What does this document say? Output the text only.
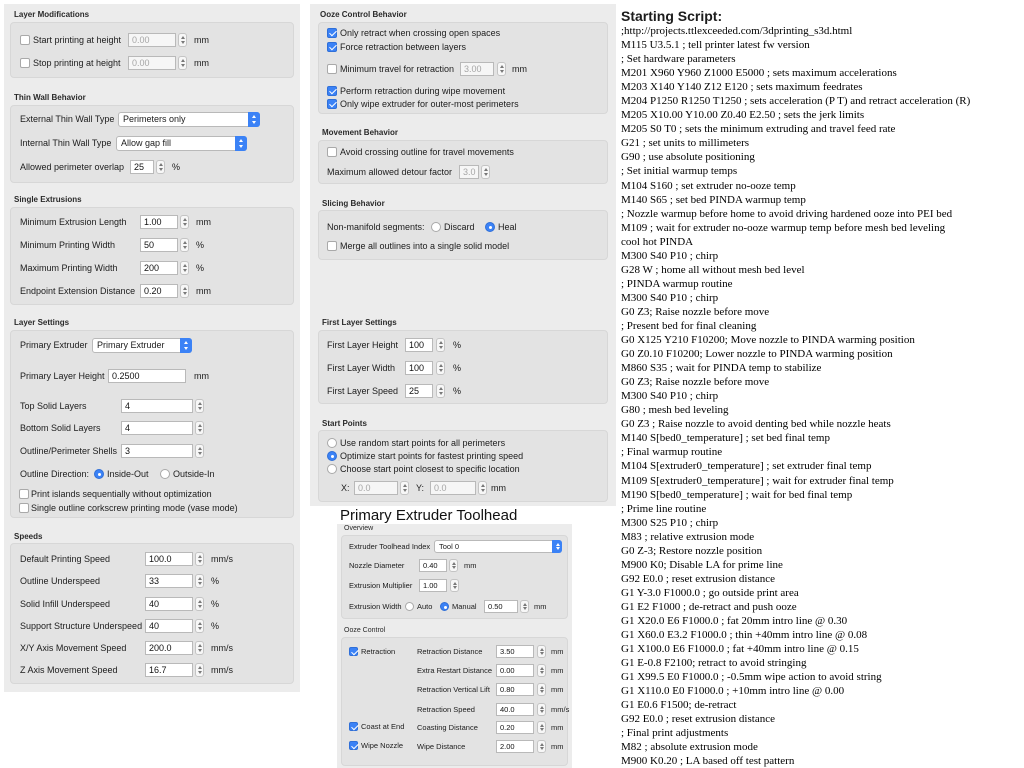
Layer Modifications
Start printing at height	0.00	mm
Stop printing at height	0.00	mm
Thin Wall Behavior
External Thin Wall Type Perimeters only
Internal Thin Wall Type	Allow gap fill
Allowed perimeter overlap	25	%
Single Extrusions
Minimum Extrusion Length	1.00	mm
Minimum Printing Width	50	%
Maximum Printing Width	200	%
Endpoint Extension Distance 0.20	mm
Layer Settings
Primary Extruder	Primary Extruder
Primary Layer Height 0.2500	mm
Top Solid Layers	4
Bottom Solid Layers	4
Outline/Perimeter Shells 3
Outline Direction: Inside-Out	Outside-In
Print islands sequentially without optimization
Single outline corkscrew printing mode (vase mode)
Speeds
Default Printing Speed	100.0	mm/s
Outline Underspeed	33	%
Solid Infill Underspeed	40	%
Support Structure Underspeed 40	%
X/Y Axis Movement Speed	200.0	mm/s
Z Axis Movement Speed	16.7	mm/s
Ooze Control Behavior
Only retract when crossing open spaces
Force retraction between layers
Minimum travel for retraction	3.00	mm
Perform retraction during wipe movement
Only wipe extruder for outer-most perimeters
Movement Behavior
Avoid crossing outline for travel movements
Maximum allowed detour factor	3.0
Slicing Behavior
Non-manifold segments: Discard	Heal
Merge all outlines into a single solid model
First Layer Settings
First Layer Height	100	%
First Layer Width	100	%
First Layer Speed	25	%
Start Points
Use random start points for all perimeters
Optimize start points for fastest printing speed
Choose start point closest to specific location
X: 0.0	Y:	0.0	mm
Primary Extruder Toolhead
Overview
Extruder Toolhead Index	Tool 0
Nozzle Diameter	0.40	mm
Extrusion Multiplier	1.00
Extrusion Width Auto	Manual	0.50	mm
Ooze Control
Retraction
Coast at End
Wipe Nozzle
Retraction Distance	3.50	mm
Extra Restart Distance	0.00	mm
Retraction Vertical Lift	0.80	mm
Retraction Speed	40.0	mm/s
Coasting Distance	0.20	mm
Wipe Distance	2.00	mm
Starting Script:
;http://projects.ttlexceeded.com/3dprinting_s3d.html
M115 U3.5.1 ; tell printer latest fw version
; Set hardware parameters
M201 X960 Y960 Z1000 E5000 ; sets maximum accelerations
M203 X140 Y140 Z12 E120 ; sets maximum feedrates
M204 P1250 R1250 T1250 ; sets acceleration (P T) and retract acceleration (R)
M205 X10.00 Y10.00 Z0.40 E2.50 ; sets the jerk limits
M205 S0 T0 ; sets the minimum extruding and travel feed rate
G21 ; set units to millimeters
G90 ; use absolute positioning
; Set initial warmup temps
M104 S160 ; set extruder no-ooze temp
M140 S65 ; set bed PINDA warmup temp
; Nozzle warmup before home to avoid driving hardened ooze into PEI bed
M109 ; wait for extruder no-ooze warmup temp before mesh bed leveling
cool hot PINDA
M300 S40 P10 ; chirp
G28 W ; home all without mesh bed level
; PINDA warmup routine
M300 S40 P10 ; chirp
G0 Z3; Raise nozzle before move
; Present bed for final cleaning
G0 X125 Y210 F10200; Move nozzle to PINDA warming position
G0 Z0.10 F10200; Lower nozzle to PINDA warming position
M860 S35 ; wait for PINDA temp to stabilize
G0 Z3; Raise nozzle before move
M300 S40 P10 ; chirp
G80 ; mesh bed leveling
G0 Z3 ; Raise nozzle to avoid denting bed while nozzle heats
M140 S[bed0_temperature] ; set bed final temp
; Final warmup routine
M104 S[extruder0_temperature] ; set extruder final temp
M109 S[extruder0_temperature] ; wait for extruder final temp
M190 S[bed0_temperature] ; wait for bed final temp
; Prime line routine
M300 S25 P10 ; chirp
M83 ; relative extrusion mode
G0 Z-3; Restore nozzle position
M900 K0; Disable LA for prime line
G92 E0.0 ; reset extrusion distance
G1 Y-3.0 F1000.0 ; go outside print area
G1 E2 F1000 ; de-retract and push ooze
G1 X20.0 E6 F1000.0 ; fat 20mm intro line @ 0.30
G1 X60.0 E3.2 F1000.0 ; thin +40mm intro line @ 0.08
G1 X100.0 E6 F1000.0 ; fat +40mm intro line @ 0.15
G1 E-0.8 F2100; retract to avoid stringing
G1 X99.5 E0 F1000.0 ; -0.5mm wipe action to avoid string
G1 X110.0 E0 F1000.0 ; +10mm intro line @ 0.00
G1 E0.6 F1500; de-retract
G92 E0.0 ; reset extrusion distance
; Final print adjustments
M82 ; absolute extrusion mode
M900 K0.20 ; LA based off test pattern
